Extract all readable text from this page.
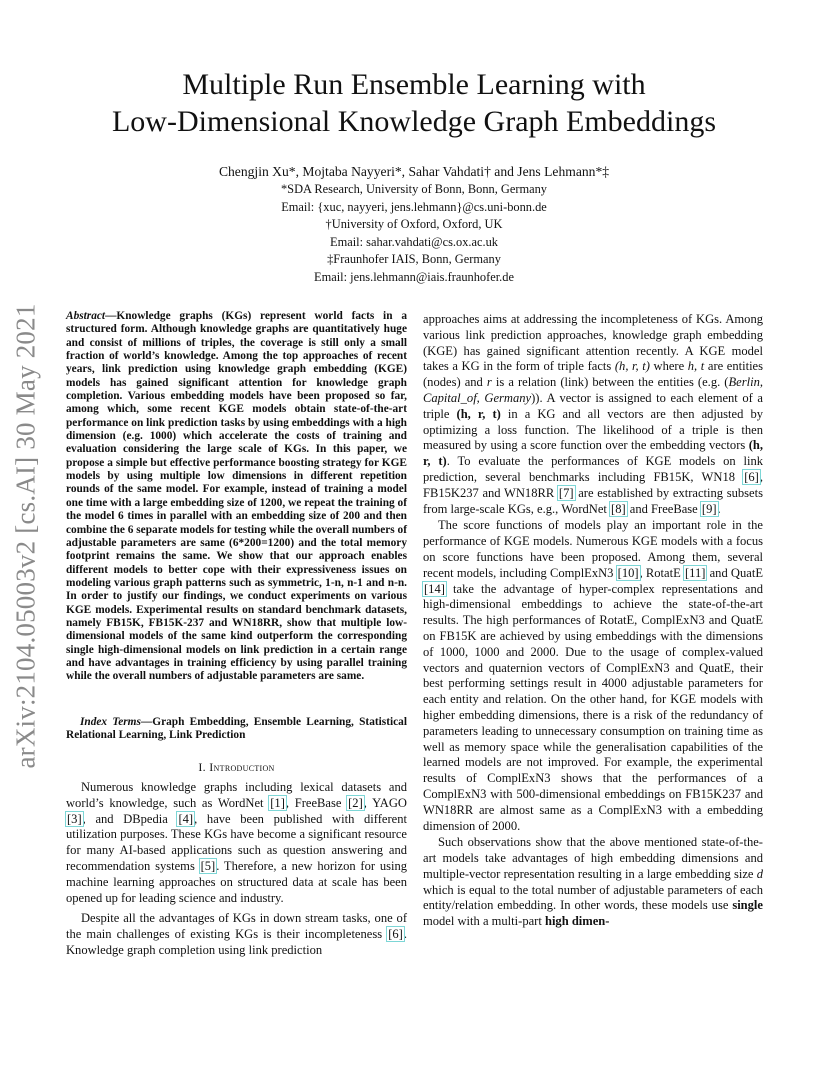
Multiple Run Ensemble Learning with
Low-Dimensional Knowledge Graph Embeddings
Chengjin Xu*, Mojtaba Nayyeri*, Sahar Vahdati† and Jens Lehmann*‡
*SDA Research, University of Bonn, Bonn, Germany
Email: {xuc, nayyeri, jens.lehmann}@cs.uni-bonn.de
†University of Oxford, Oxford, UK
Email: sahar.vahdati@cs.ox.ac.uk
‡Fraunhofer IAIS, Bonn, Germany
Email: jens.lehmann@iais.fraunhofer.de
arXiv:2104.05003v2 [cs.AI] 30 May 2021 Abstract—Knowledge graphs (KGs) represent world facts in a structured form. Although knowledge graphs are quantitatively huge and consist of millions of triples, the coverage is still only a small fraction of world’s knowledge. Among the top approaches of recent years, link prediction using knowledge graph embedding (KGE) models has gained significant attention for knowledge graph completion. Various embedding models have been proposed so far, among which, some recent KGE models obtain state-of-the-art performance on link prediction tasks by using embeddings with a high dimension (e.g. 1000) which accelerate the costs of training and evaluation considering the large scale of KGs. In this paper, we propose a simple but effective performance boosting strategy for KGE models by using multiple low dimensions in different repetition rounds of the same model. For example, instead of training a model one time with a large embedding size of 1200, we repeat the training of the model 6 times in parallel with an embedding size of 200 and then combine the 6 separate models for testing while the overall numbers of adjustable parameters are same (6*200=1200) and the total memory footprint remains the same. We show that our approach enables different models to better cope with their expressiveness issues on modeling various graph patterns such as symmetric, 1-n, n-1 and n-n. In order to justify our findings, we conduct experiments on various KGE models. Experimental results on standard benchmark datasets, namely FB15K, FB15K-237 and WN18RR, show that multiple low-dimensional models of the same kind outperform the corresponding single high-dimensional models on link prediction in a certain range and have advantages in training efficiency by using parallel training while the overall numbers of adjustable parameters are same.
Index Terms—Graph Embedding, Ensemble Learning, Statistical Relational Learning, Link Prediction
I. Introduction

Numerous knowledge graphs including lexical datasets and world’s knowledge, such as WordNet [1], FreeBase [2], YAGO [3], and DBpedia [4], have been published with different utilization purposes. These KGs have become a significant resource for many AI-based applications such as question answering and recommendation systems [5]. Therefore, a new horizon for using machine learning approaches on structured data at scale has been opened up for leading science and industry.

Despite all the advantages of KGs in down stream tasks, one of the main challenges of existing KGs is their incompleteness [6]. Knowledge graph completion using link prediction

approaches aims at addressing the incompleteness of KGs. Among various link prediction approaches, knowledge graph embedding (KGE) has gained significant attention recently. A KGE model takes a KG in the form of triple facts (h, r, t) where h, t are entities (nodes) and r is a relation (link) between the entities (e.g. (Berlin, Capital_of, Germany)). A vector is assigned to each element of a triple (h, r, t) in a KG and all vectors are then adjusted by optimizing a loss function. The likelihood of a triple is then measured by using a score function over the embedding vectors (h, r, t). To evaluate the performances of KGE models on link prediction, several benchmarks including FB15K, WN18 [6], FB15K237 and WN18RR [7] are established by extracting subsets from large-scale KGs, e.g., WordNet [8] and FreeBase [9].

The score functions of models play an important role in the performance of KGE models. Numerous KGE models with a focus on score functions have been proposed. Among them, several recent models, including ComplExN3 [10], RotatE [11] and QuatE [14] take the advantage of hyper-complex representations and high-dimensional embeddings to achieve the state-of-the-art results. The high performances of RotatE, ComplExN3 and QuatE on FB15K are achieved by using embeddings with the dimensions of 1000, 1000 and 2000. Due to the usage of complex-valued vectors and quaternion vectors of ComplExN3 and QuatE, their best performing settings result in 4000 adjustable parameters for each entity and relation. On the other hand, for KGE models with higher embedding dimensions, there is a risk of the redundancy of parameters leading to unnecessary consumption on training time as well as memory space while the generalisation capabilities of the learned models are not improved. For example, the experimental results of ComplExN3 shows that the performances of a ComplExN3 with 500-dimensional embeddings on FB15K237 and WN18RR are almost same as a ComplExN3 with a embedding dimension of 2000.

Such observations show that the above mentioned state-of-the-art models take advantages of high embedding dimensions and multiple-vector representation resulting in a large embedding size d which is equal to the total number of adjustable parameters of each entity/relation embedding. In other words, these models use single model with a multi-part high dimen-
